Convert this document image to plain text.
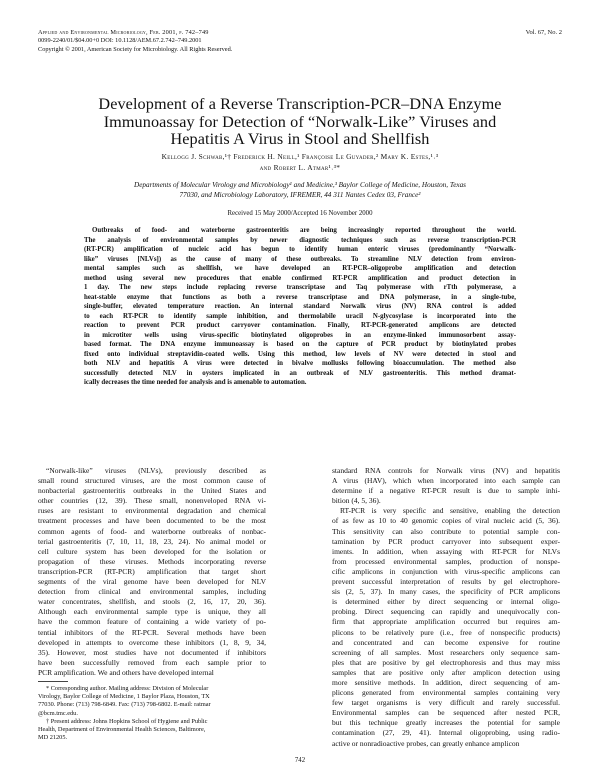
Applied and Environmental Microbiology, Feb. 2001, p. 742–749
0099-2240/01/$04.00+0 DOI: 10.1128/AEM.67.2.742–749.2001
Copyright © 2001, American Society for Microbiology. All Rights Reserved.
Vol. 67, No. 2
Development of a Reverse Transcription-PCR–DNA Enzyme
Immunoassay for Detection of “Norwalk-Like” Viruses and
Hepatitis A Virus in Stool and Shellfish
Kellogg J. Schwab,¹† Frederick H. Neill,¹ Françoise Le Guyader,² Mary K. Estes,¹˒³
and Robert L. Atmar¹˒³*
Departments of Molecular Virology and Microbiology¹ and Medicine,³ Baylor College of Medicine, Houston, Texas
77030, and Microbiology Laboratory, IFREMER, 44 311 Nantes Cedex 03, France²
Received 15 May 2000/Accepted 16 November 2000
Outbreaks of food- and waterborne gastroenteritis are being increasingly reported throughout the world.
The analysis of environmental samples by newer diagnostic techniques such as reverse transcription-PCR
(RT-PCR) amplification of nucleic acid has begun to identify human enteric viruses (predominantly “Norwalk-
like” viruses [NLVs]) as the cause of many of these outbreaks. To streamline NLV detection from environ-
mental samples such as shellfish, we have developed an RT-PCR–oligoprobe amplification and detection
method using several new procedures that enable confirmed RT-PCR amplification and product detection in
1 day. The new steps include replacing reverse transcriptase and Taq polymerase with rTth polymerase, a
heat-stable enzyme that functions as both a reverse transcriptase and DNA polymerase, in a single-tube,
single-buffer, elevated temperature reaction. An internal standard Norwalk virus (NV) RNA control is added
to each RT-PCR to identify sample inhibition, and thermolabile uracil N-glycosylase is incorporated into the
reaction to prevent PCR product carryover contamination. Finally, RT-PCR-generated amplicons are detected
in microtiter wells using virus-specific biotinylated oligoprobes in an enzyme-linked immunosorbent assay-
based format. The DNA enzyme immunoassay is based on the capture of PCR product by biotinylated probes
fixed onto individual streptavidin-coated wells. Using this method, low levels of NV were detected in stool and
both NLV and hepatitis A virus were detected in bivalve mollusks following bioaccumulation. The method also
successfully detected NLV in oysters implicated in an outbreak of NLV gastroenteritis. This method dramat-
ically decreases the time needed for analysis and is amenable to automation.
“Norwalk-like” viruses (NLVs), previously described as
small round structured viruses, are the most common cause of
nonbacterial gastroenteritis outbreaks in the United States and
other countries (12, 39). These small, nonenveloped RNA vi-
ruses are resistant to environmental degradation and chemical
treatment processes and have been documented to be the most
common agents of food- and waterborne outbreaks of nonbac-
terial gastroenteritis (7, 10, 11, 18, 23, 24). No animal model or
cell culture system has been developed for the isolation or
propagation of these viruses. Methods incorporating reverse
transcription-PCR (RT-PCR) amplification that target short
segments of the viral genome have been developed for NLV
detection from clinical and environmental samples, including
water concentrates, shellfish, and stools (2, 16, 17, 20, 36).
Although each environmental sample type is unique, they all
have the common feature of containing a wide variety of po-
tential inhibitors of the RT-PCR. Several methods have been
developed in attempts to overcome these inhibitors (1, 8, 9, 34,
35). However, most studies have not documented if inhibitors
have been successfully removed from each sample prior to
PCR amplification. We and others have developed internal
standard RNA controls for Norwalk virus (NV) and hepatitis
A virus (HAV), which when incorporated into each sample can
determine if a negative RT-PCR result is due to sample inhi-
bition (4, 5, 36).
RT-PCR is very specific and sensitive, enabling the detection
of as few as 10 to 40 genomic copies of viral nucleic acid (5, 36).
This sensitivity can also contribute to potential sample con-
tamination by PCR product carryover into subsequent exper-
iments. In addition, when assaying with RT-PCR for NLVs
from processed environmental samples, production of nonspe-
cific amplicons in conjunction with virus-specific amplicons can
prevent successful interpretation of results by gel electrophore-
sis (2, 5, 37). In many cases, the specificity of PCR amplicons
is determined either by direct sequencing or internal oligo-
probing. Direct sequencing can rapidly and unequivocally con-
firm that appropriate amplification occurred but requires am-
plicons to be relatively pure (i.e., free of nonspecific products)
and concentrated and can become expensive for routine
screening of all samples. Most researchers only sequence sam-
ples that are positive by gel electrophoresis and thus may miss
samples that are positive only after amplicon detection using
more sensitive methods. In addition, direct sequencing of am-
plicons generated from environmental samples containing very
few target organisms is very difficult and rarely successful.
Environmental samples can be sequenced after nested PCR,
but this technique greatly increases the potential for sample
contamination (27, 29, 41). Internal oligoprobing, using radio-
active or nonradioactive probes, can greatly enhance amplicon
* Corresponding author. Mailing address: Division of Molecular
Virology, Baylor College of Medicine, 1 Baylor Plaza, Houston, TX
77030. Phone: (713) 798-6849. Fax: (713) 798-6802. E-mail: ratmar
@bcm.tmc.edu.
† Present address: Johns Hopkins School of Hygiene and Public
Health, Department of Environmental Health Sciences, Baltimore,
MD 21205.
742
